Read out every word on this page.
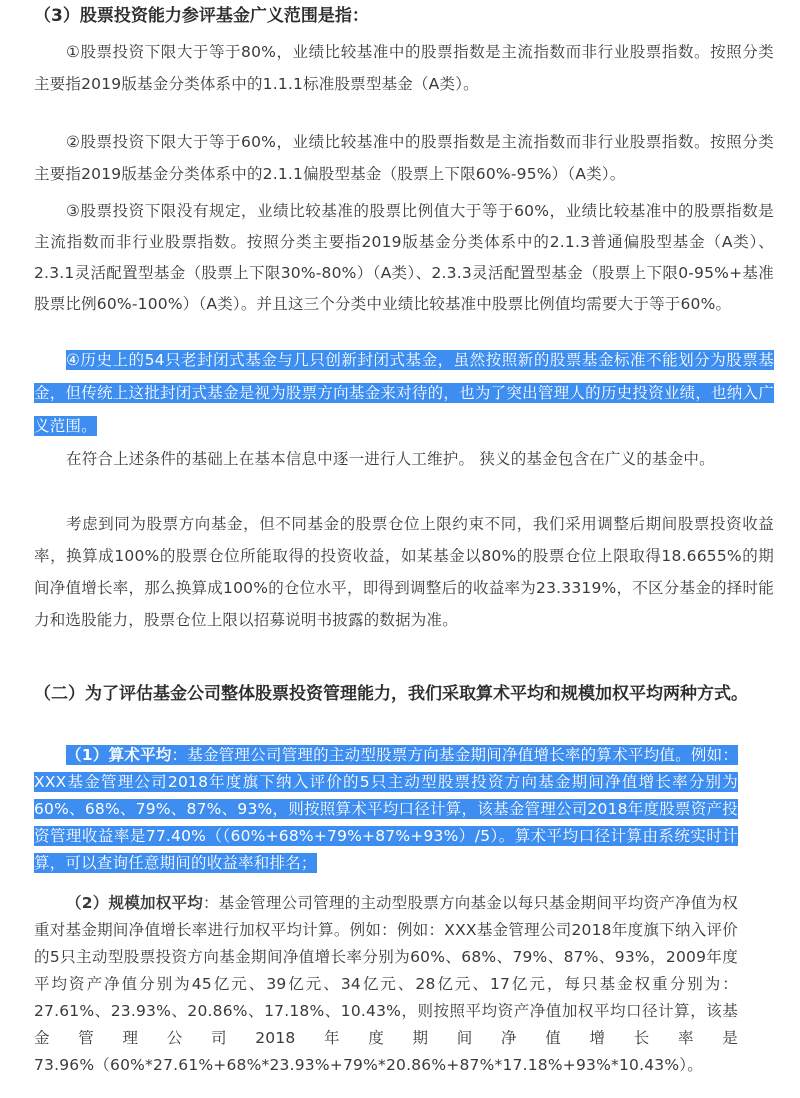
（3）股票投资能力参评基金广义范围是指：

①股票投资下限大于等于80%，业绩比较基准中的股票指数是主流指数而非行业股票指数。按照分类主要指2019版基金分类体系中的1.1.1标准股票型基金（A类）。

②股票投资下限大于等于60%，业绩比较基准中的股票指数是主流指数而非行业股票指数。按照分类主要指2019版基金分类体系中的2.1.1偏股型基金（股票上下限60%-95%）（A类）。

③股票投资下限没有规定，业绩比较基准的股票比例值大于等于60%，业绩比较基准中的股票指数是主流指数而非行业股票指数。按照分类主要指2019版基金分类体系中的2.1.3普通偏股型基金（A类）、2.3.1灵活配置型基金（股票上下限30%-80%）（A类）、2.3.3灵活配置型基金（股票上下限0-95%+基准股票比例60%-100%）（A类）。并且这三个分类中业绩比较基准中股票比例值均需要大于等于60%。

④历史上的54只老封闭式基金与几只创新封闭式基金，虽然按照新的股票基金标准不能划分为股票基金，但传统上这批封闭式基金是视为股票方向基金来对待的，也为了突出管理人的历史投资业绩，也纳入广义范围。

在符合上述条件的基础上在基本信息中逐一进行人工维护。 狭义的基金包含在广义的基金中。

考虑到同为股票方向基金，但不同基金的股票仓位上限约束不同，我们采用调整后期间股票投资收益率，换算成100%的股票仓位所能取得的投资收益，如某基金以80%的股票仓位上限取得18.6655%的期间净值增长率，那么换算成100%的仓位水平，即得到调整后的收益率为23.3319%，不区分基金的择时能力和选股能力，股票仓位上限以招募说明书披露的数据为准。

（二）为了评估基金公司整体股票投资管理能力，我们采取算术平均和规模加权平均两种方式。

（1）算术平均：基金管理公司管理的主动型股票方向基金期间净值增长率的算术平均值。例如：XXX基金管理公司2018年度旗下纳入评价的5只主动型股票投资方向基金期间净值增长率分别为60%、68%、79%、87%、93%，则按照算术平均口径计算，该基金管理公司2018年度股票资产投资管理收益率是77.40%（（60%+68%+79%+87%+93%）/5）。算术平均口径计算由系统实时计算，可以查询任意期间的收益率和排名；

（2）规模加权平均：基金管理公司管理的主动型股票方向基金以每只基金期间平均资产净值为权重对基金期间净值增长率进行加权平均计算。例如：例如：XXX基金管理公司2018年度旗下纳入评价的5只主动型股票投资方向基金期间净值增长率分别为60%、68%、79%、87%、93%，2009年度平均资产净值分别为45亿元、39亿元、34亿元、28亿元、17亿元，每只基金权重分别为：27.61%、23.93%、20.86%、17.18%、10.43%，则按照平均资产净值加权平均口径计算，该基金管理公司2018年度期间净值增长率是73.96%（60%*27.61%+68%*23.93%+79%*20.86%+87%*17.18%+93%*10.43%）。
